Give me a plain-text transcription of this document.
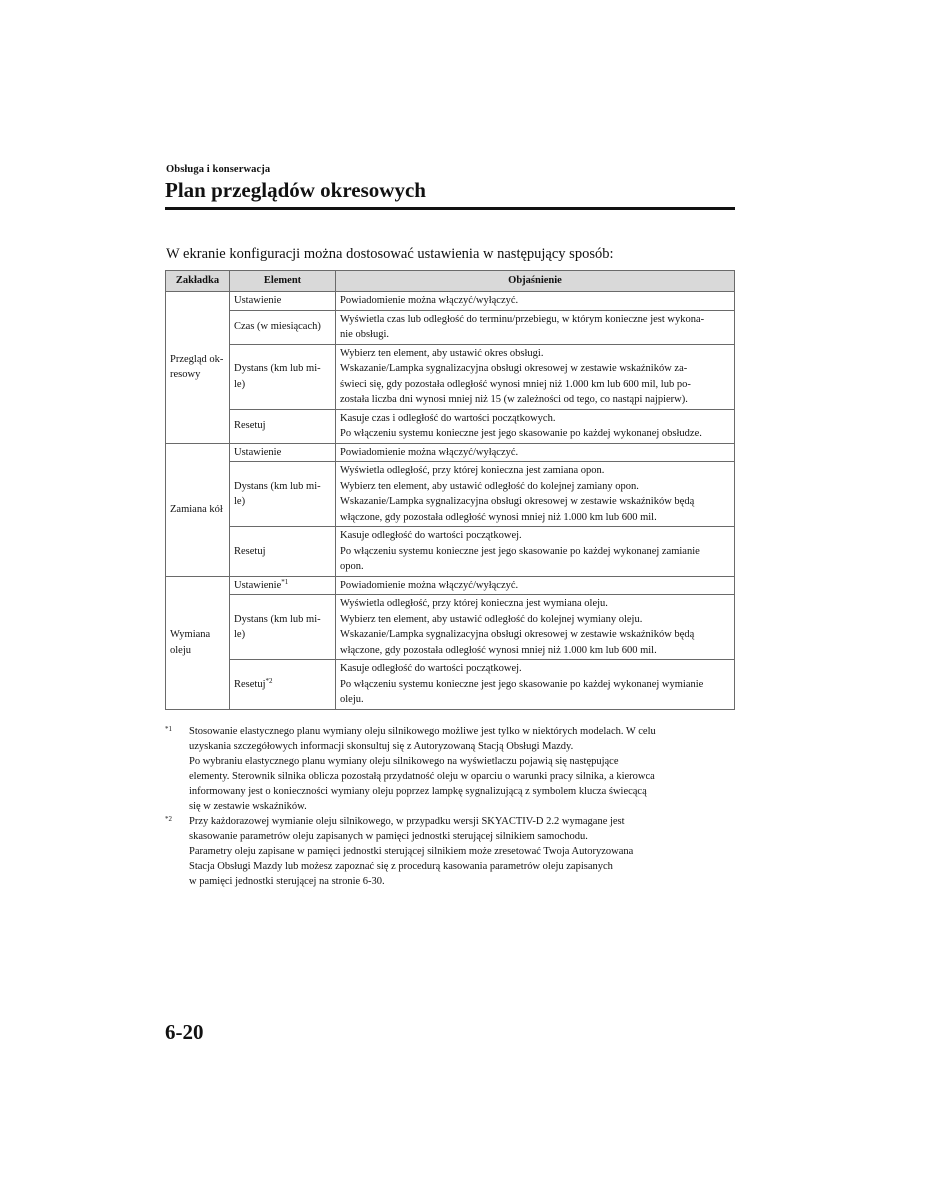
Obsługa i konserwacja
Plan przeglądów okresowych

W ekranie konfiguracji można dostosować ustawienia w następujący sposób:

Zakładka	Element	Objaśnienie

Przegląd ok-
resowy	Ustawienie	Powiadomienie można włączyć/wyłączyć.

	Czas (w miesiącach)	Wyświetla czas lub odległość do terminu/przebiegu, w którym konieczne jest wykona-
nie obsługi.

	Dystans (km lub mi-
le)	Wybierz ten element, aby ustawić okres obsługi.
Wskazanie/Lampka sygnalizacyjna obsługi okresowej w zestawie wskaźników za-
świeci się, gdy pozostała odległość wynosi mniej niż 1.000 km lub 600 mil, lub po-
została liczba dni wynosi mniej niż 15 (w zależności od tego, co nastąpi najpierw).

	Resetuj	Kasuje czas i odległość do wartości początkowych.
Po włączeniu systemu konieczne jest jego skasowanie po każdej wykonanej obsłudze.

Zamiana kół	Ustawienie	Powiadomienie można włączyć/wyłączyć.

	Dystans (km lub mi-
le)	Wyświetla odległość, przy której konieczna jest zamiana opon.
Wybierz ten element, aby ustawić odległość do kolejnej zamiany opon.
Wskazanie/Lampka sygnalizacyjna obsługi okresowej w zestawie wskaźników będą
włączone, gdy pozostała odległość wynosi mniej niż 1.000 km lub 600 mil.

	Resetuj	Kasuje odległość do wartości początkowej.
Po włączeniu systemu konieczne jest jego skasowanie po każdej wykonanej zamianie
opon.

Wymiana
oleju	Ustawienie$^{*1}$	Powiadomienie można włączyć/wyłączyć.

	Dystans (km lub mi-
le)	Wyświetla odległość, przy której konieczna jest wymiana oleju.
Wybierz ten element, aby ustawić odległość do kolejnej wymiany oleju.
Wskazanie/Lampka sygnalizacyjna obsługi okresowej w zestawie wskaźników będą
włączone, gdy pozostała odległość wynosi mniej niż 1.000 km lub 600 mil.

	Resetuj$^{*2}$	Kasuje odległość do wartości początkowej.
Po włączeniu systemu konieczne jest jego skasowanie po każdej wykonanej wymianie
oleju.
$^{*1}$	Stosowanie elastycznego planu wymiany oleju silnikowego możliwe jest tylko w niektórych modelach. W celu
uzyskania szczegółowych informacji skonsultuj się z Autoryzowaną Stacją Obsługi Mazdy.
Po wybraniu elastycznego planu wymiany oleju silnikowego na wyświetlaczu pojawią się następujące
elementy. Sterownik silnika oblicza pozostałą przydatność oleju w oparciu o warunki pracy silnika, a kierowca
informowany jest o konieczności wymiany oleju poprzez lampkę sygnalizującą z symbolem klucza świecącą
się w zestawie wskaźników.
$^{*2}$	Przy każdorazowej wymianie oleju silnikowego, w przypadku wersji SKYACTIV-D 2.2 wymagane jest
skasowanie parametrów oleju zapisanych w pamięci jednostki sterującej silnikiem samochodu.
Parametry oleju zapisane w pamięci jednostki sterującej silnikiem może zresetować Twoja Autoryzowana
Stacja Obsługi Mazdy lub możesz zapoznać się z procedurą kasowania parametrów oleju zapisanych
w pamięci jednostki sterującej na stronie 6-30.
6-20
